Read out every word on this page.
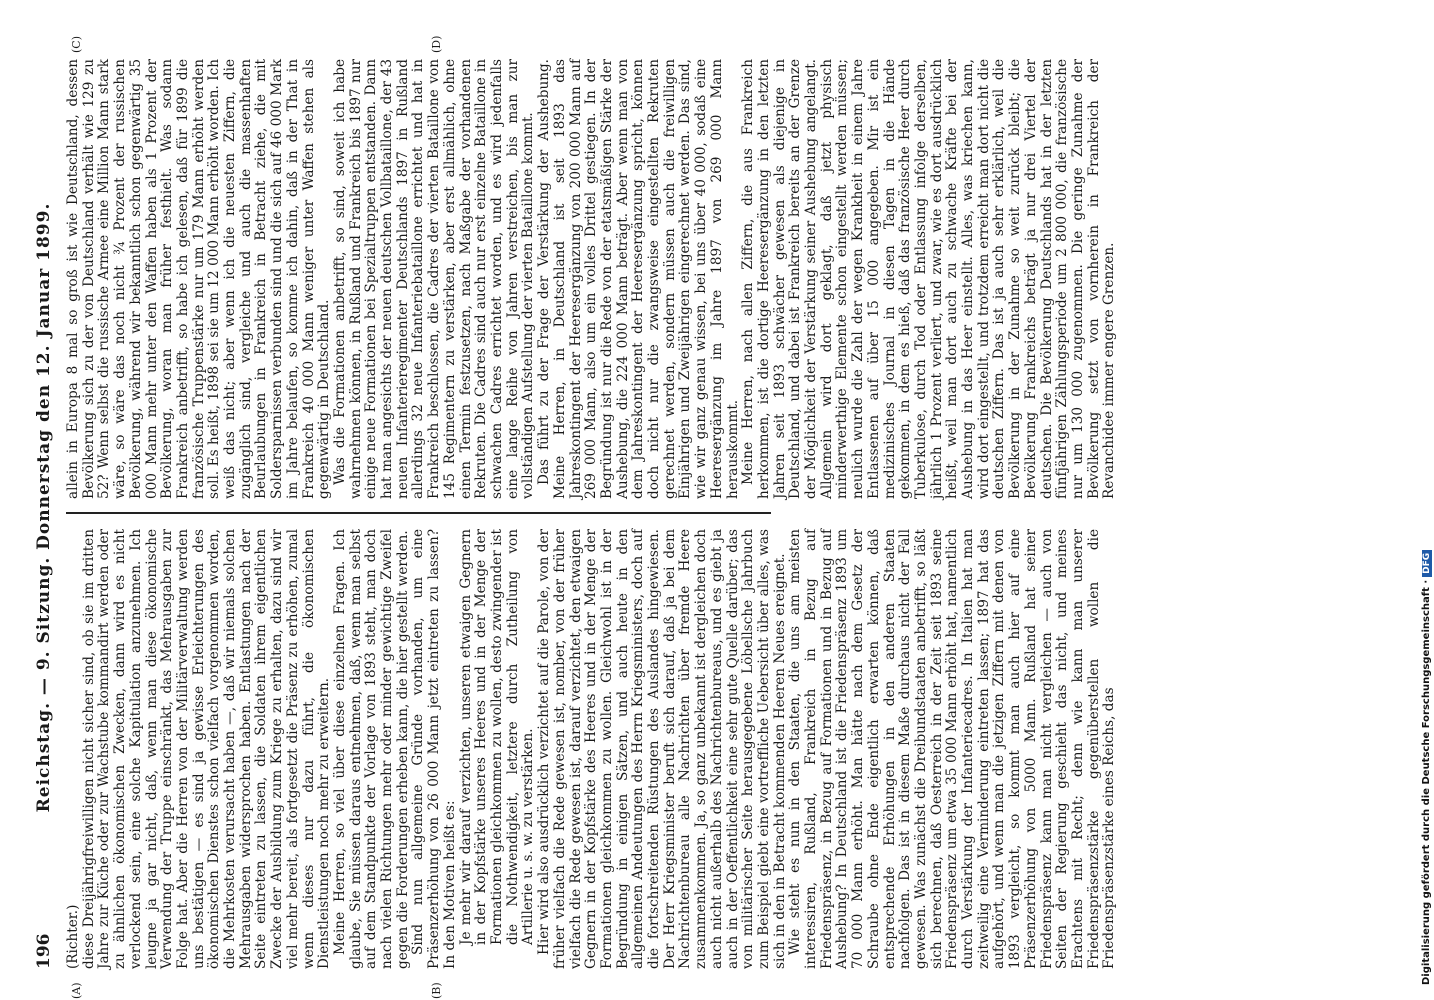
196
Reichstag. — 9. Sitzung. Donnerstag den 12. Januar 1899.
(A)	(B)
(C)	(D)

(Richter.) diese Dreijährigfreiwilligen nicht sicher sind, ob sie im dritten Jahre zur Küche oder zur Wachstube kommandirt werden oder zu ähnlichen ökonomischen Zwecken, dann wird es nicht verlockend sein, eine solche Kapitulation anzunehmen. Ich leugne ja gar nicht, daß, wenn man diese ökonomische Verwendung der Truppe einschränkt, das Mehrausgaben zur Folge hat. Aber die Herren von der Militärverwaltung werden uns bestätigen — es sind ja gewisse Erleichterungen des ökonomischen Dienstes schon vielfach vorgenommen worden, die Mehrkosten verursacht haben —, daß wir niemals solchen Mehrausgaben widersprochen haben. Entlastungen nach der Seite eintreten zu lassen, die Soldaten ihrem eigentlichen Zwecke der Ausbildung zum Kriege zu erhalten, dazu sind wir viel mehr bereit, als fortgesetzt die Präsenz zu erhöhen, zumal wenn dieses nur dazu führt, die ökonomischen Dienstleistungen noch mehr zu erweitern. Meine Herren, so viel über diese einzelnen Fragen. Ich glaube, Sie müssen daraus entnehmen, daß, wenn man selbst auf dem Standpunkte der Vorlage von 1893 steht, man doch nach vielen Richtungen mehr oder minder gewichtige Zweifel gegen die Forderungen erheben kann, die hier gestellt werden. Sind nun allgemeine Gründe vorhanden, um eine Präsenzerhöhung von 26 000 Mann jetzt eintreten zu lassen? In den Motiven heißt es: Je mehr wir darauf verzichten, unseren etwaigen Gegnern in der Kopfstärke unseres Heeres und in der Menge der Formationen gleichkommen zu wollen, desto zwingender ist die Nothwendigkeit, letztere durch Zutheilung von Artillerie u. s. w. zu verstärken. Hier wird also ausdrücklich verzichtet auf die Parole, von der früher vielfach die Rede gewesen ist, nomber, von der früher vielfach die Rede gewesen ist, darauf verzichtet, den etwaigen Gegnern in der Kopfstärke des Heeres und in der Menge der Formationen gleichkommen zu wollen. Gleichwohl ist in der Begründung in einigen Sätzen, und auch heute in den allgemeinen Andeutungen des Herrn Kriegsministers, doch auf die fortschreitenden Rüstungen des Auslandes hingewiesen. Der Herr Kriegsminister beruft sich darauf, daß ja bei dem Nachrichtenbureau alle Nachrichten über fremde Heere zusammenkommen. Ja, so ganz unbekannt ist dergleichen doch auch nicht außerhalb des Nachrichtenbureaus, und es giebt ja auch in der Oeffentlichkeit eine sehr gute Quelle darüber; das von militärischer Seite herausgegebene Löbellsche Jahrbuch zum Beispiel giebt eine vortreffliche Uebersicht über alles, was sich in den in Betracht kommenden Heeren Neues ereignet. Wie steht es nun in den Staaten, die uns am meisten interessiren, Rußland, Frankreich in Bezug auf Friedenspräsenz, in Bezug auf Formationen und in Bezug auf Aushebung? In Deutschland ist die Friedenspräsenz 1893 um 70 000 Mann erhöht. Man hätte nach dem Gesetz der Schraube ohne Ende eigentlich erwarten können, daß entsprechende Erhöhungen in den anderen Staaten nachfolgen. Das ist in diesem Maße durchaus nicht der Fall gewesen. Was zunächst die Dreibundstaaten anbetrifft, so läßt sich berechnen, daß Oesterreich in der Zeit seit 1893 seine Friedenspräsenz um etwa 35 000 Mann erhöht hat, namentlich durch Verstärkung der Infanteriecadres. In Italien hat man zeitweilig eine Verminderung eintreten lassen; 1897 hat das aufgehört, und wenn man die jetzigen Ziffern mit denen von 1893 vergleicht, so kommt man auch hier auf eine Präsenzerhöhung von 5000 Mann. Rußland hat seiner Friedenspräsenz kann man nicht vergleichen — auch von Seiten der Regierung geschieht das nicht, und meines Erachtens mit Recht; denn wie kann man unserer Friedenspräsenzstärke gegenüberstellen wollen die Friedenspräsenzstärke eines Reichs, das

allein in Europa 8 mal so groß ist wie Deutschland, dessen Bevölkerung sich zu der von Deutschland verhält wie 129 zu 52? Wenn selbst die russische Armee eine Million Mann stark wäre, so wäre das noch nicht ¾ Prozent der russischen Bevölkerung, während wir bekanntlich schon gegenwärtig 35 000 Mann mehr unter den Waffen haben als 1 Prozent der Bevölkerung, woran man früher festhielt. Was sodann Frankreich anbetrifft, so habe ich gelesen, daß für 1899 die französische Truppenstärke nur um 179 Mann erhöht werden soll. Es heißt, 1898 sei sie um 12 000 Mann erhöht worden. Ich weiß das nicht; aber wenn ich die neuesten Ziffern, die zugänglich sind, vergleiche und auch die massenhaften Beurlaubungen in Frankreich in Betracht ziehe, die mit Soldersparnissen verbunden sind und die sich auf 46 000 Mark im Jahre belaufen, so komme ich dahin, daß in der That in Frankreich 40 000 Mann weniger unter Waffen stehen als gegenwärtig in Deutschland. Was die Formationen anbetrifft, so sind, soweit ich habe wahrnehmen können, in Rußland und Frankreich bis 1897 nur einige neue Formationen bei Spezialtruppen entstanden. Dann hat man angesichts der neuen deutschen Vollbataillone, der 43 neuen Infanterieregimenter Deutschlands 1897 in Rußland allerdings 32 neue Infanteriebataillone errichtet und hat in Frankreich beschlossen, die Cadres der vierten Bataillone von 145 Regimentern zu verstärken, aber erst allmählich, ohne einen Termin festzusetzen, nach Maßgabe der vorhandenen Rekruten. Die Cadres sind auch nur erst einzelne Bataillone in schwachen Cadres errichtet worden, und es wird jedenfalls eine lange Reihe von Jahren verstreichen, bis man zur vollständigen Aufstellung der vierten Bataillone kommt. Das führt zu der Frage der Verstärkung der Aushebung. Meine Herren, in Deutschland ist seit 1893 das Jahreskontingent der Heeresergänzung von 200 000 Mann auf 269 000 Mann, also um ein volles Drittel gestiegen. In der Begründung ist nur die Rede von der etatsmäßigen Stärke der Aushebung, die 224 000 Mann beträgt. Aber wenn man von dem Jahreskontingent der Heeresergänzung spricht, können doch nicht nur die zwangsweise eingestellten Rekruten gerechnet werden, sondern müssen auch die freiwilligen Einjährigen und Zweijährigen eingerechnet werden. Das sind, wie wir ganz genau wissen, bei uns über 40 000, sodaß eine Heeresergänzung im Jahre 1897 von 269 000 Mann herauskommt. Meine Herren, nach allen Ziffern, die aus Frankreich herkommen, ist die dortige Heeresergänzung in den letzten Jahren seit 1893 schwächer gewesen als diejenige in Deutschland, und dabei ist Frankreich bereits an der Grenze der Möglichkeit der Verstärkung seiner Aushebung angelangt. Allgemein wird dort geklagt, daß jetzt physisch minderwerthige Elemente schon eingestellt werden müssen; neulich wurde die Zahl der wegen Krankheit in einem Jahre Entlassenen auf über 15 000 angegeben. Mir ist ein medizinisches Journal in diesen Tagen in die Hände gekommen, in dem es hieß, daß das französische Heer durch Tuberkulose, durch Tod oder Entlassung infolge derselben, jährlich 1 Prozent verliert, und zwar, wie es dort ausdrücklich heißt, weil man dort auch zu schwache Kräfte bei der Aushebung in das Heer einstellt. Alles, was kriechen kann, wird dort eingestellt, und trotzdem erreicht man dort nicht die deutschen Ziffern. Das ist ja auch sehr erklärlich, weil die Bevölkerung in der Zunahme so weit zurück bleibt; die Bevölkerung Frankreichs beträgt ja nur drei Viertel der deutschen. Die Bevölkerung Deutschlands hat in der letzten fünfjährigen Zählungsperiode um 2 800 000, die französische nur um 130 000 zugenommen. Die geringe Zunahme der Bevölkerung setzt von vornherein in Frankreich der Revanchidee immer engere Grenzen.

Digitalisierung gefördert durch die Deutsche Forschungsgemeinschaft ·DFG
